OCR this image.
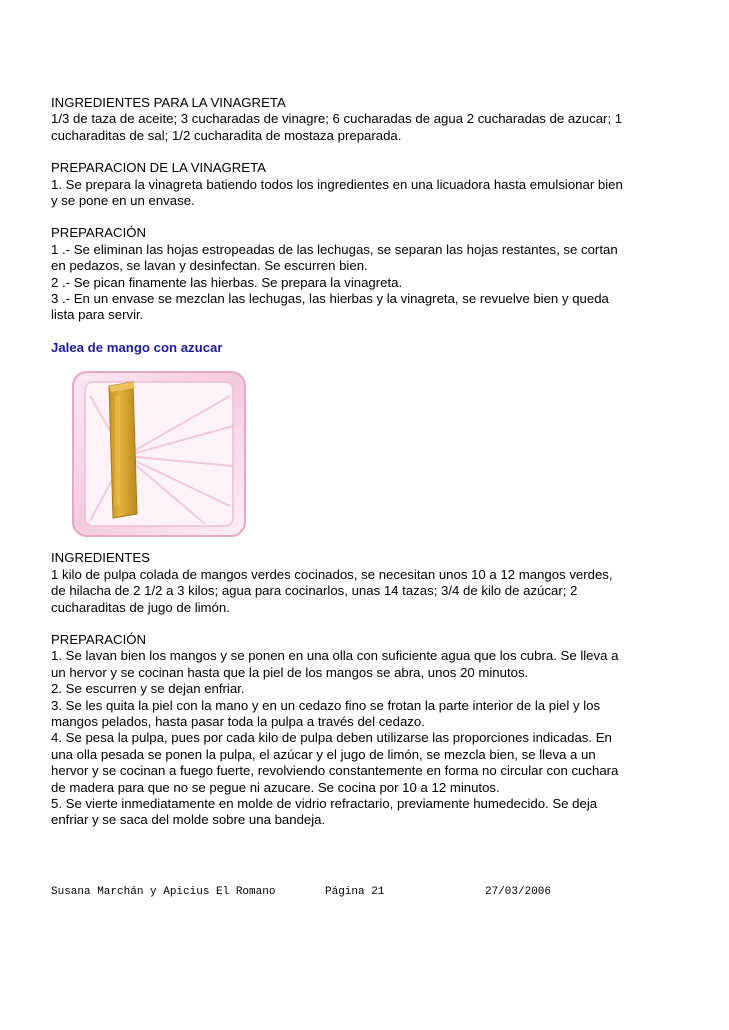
INGREDIENTES PARA LA VINAGRETA

1/3 de taza de aceite; 3 cucharadas de vinagre; 6 cucharadas de agua 2 cucharadas de azucar; 1

cucharaditas de sal; 1/2 cucharadita de mostaza preparada.

PREPARACION DE LA VINAGRETA

1. Se prepara la vinagreta batiendo todos los ingredientes en una licuadora hasta emulsionar bien

y se pone en un envase.

PREPARACIÓN

1 .- Se eliminan las hojas estropeadas de las lechugas, se separan las hojas restantes, se cortan

en pedazos, se lavan y desinfectan. Se escurren bien.

2 .- Se pican finamente las hierbas. Se prepara la vinagreta.

3 .- En un envase se mezclan las lechugas, las hierbas y la vinagreta, se revuelve bien y queda

lista para servir.

Jalea de mango con azucar

INGREDIENTES

1 kilo de pulpa colada de mangos verdes cocinados, se necesitan unos 10 a 12 mangos verdes,

de hilacha de 2 1/2 a 3 kilos; agua para cocinarlos, unas 14 tazas; 3/4 de kilo de azúcar; 2

cucharaditas de jugo de limón.

PREPARACIÓN

1. Se lavan bien los mangos y se ponen en una olla con suficiente agua que los cubra. Se lleva a

un hervor y se cocinan hasta que la piel de los mangos se abra, unos 20 minutos.

2. Se escurren y se dejan enfriar.

3. Se les quita la piel con la mano y en un cedazo fino se frotan la parte interior de la piel y los

mangos pelados, hasta pasar toda la pulpa a través del cedazo.

4. Se pesa la pulpa, pues por cada kilo de pulpa deben utilizarse las proporciones indicadas. En

una olla pesada se ponen la pulpa, el azúcar y el jugo de limón, se mezcla bien, se lleva a un

hervor y se cocinan a fuego fuerte, revolviendo constantemente en forma no circular con cuchara

de madera para que no se pegue ni azucare. Se cocina por 10 a 12 minutos.

5. Se vierte inmediatamente en molde de vidrio refractario, previamente humedecido. Se deja

enfriar y se saca del molde sobre una bandeja.

Susana Marchán y Apicius El Romano	Página 21	27/03/2006
